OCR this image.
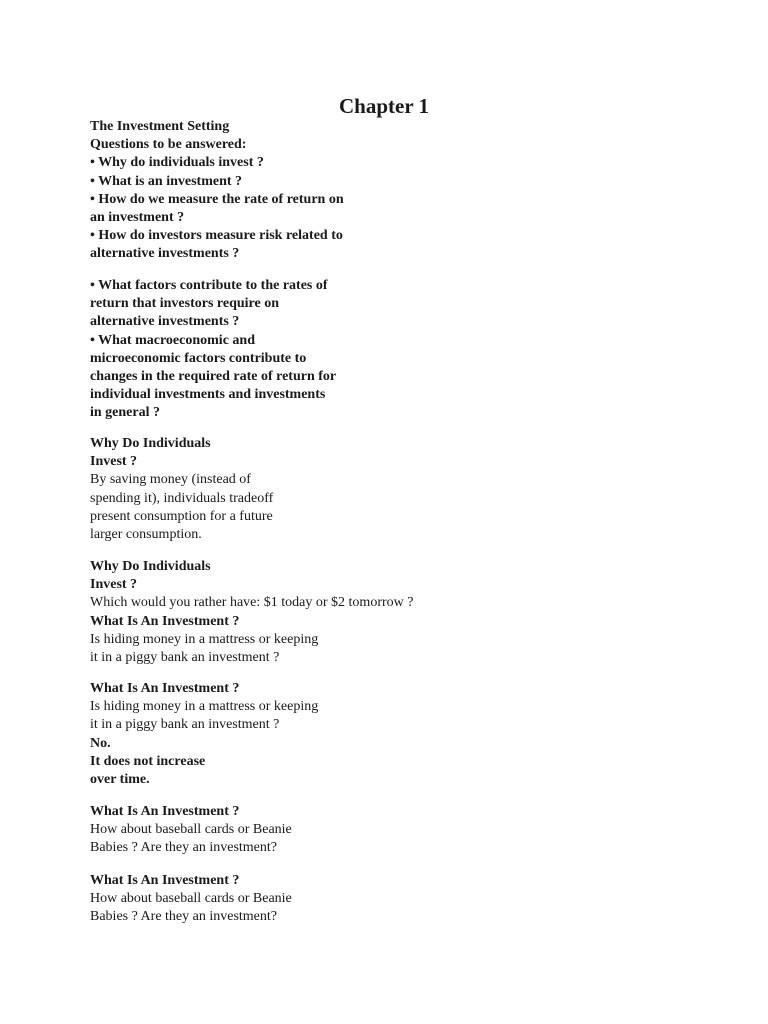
Chapter 1
The Investment Setting
Questions to be answered:
• Why do individuals invest ?
• What is an investment ?
• How do we measure the rate of return on
an investment ?
• How do investors measure risk related to
alternative investments ?
• What factors contribute to the rates of
return that investors require on
alternative investments ?
• What macroeconomic and
microeconomic factors contribute to
changes in the required rate of return for
individual investments and investments
in general ?
Why Do Individuals
Invest ?
By saving money (instead of
spending it), individuals tradeoff
present consumption for a future
larger consumption.
Why Do Individuals
Invest ?
Which would you rather have: $1 today or $2 tomorrow ?
What Is An Investment ?
Is hiding money in a mattress or keeping
it in a piggy bank an investment ?
What Is An Investment ?
Is hiding money in a mattress or keeping
it in a piggy bank an investment ?
No.
It does not increase
over time.
What Is An Investment ?
How about baseball cards or Beanie
Babies ? Are they an investment?
What Is An Investment ?
How about baseball cards or Beanie
Babies ? Are they an investment?
